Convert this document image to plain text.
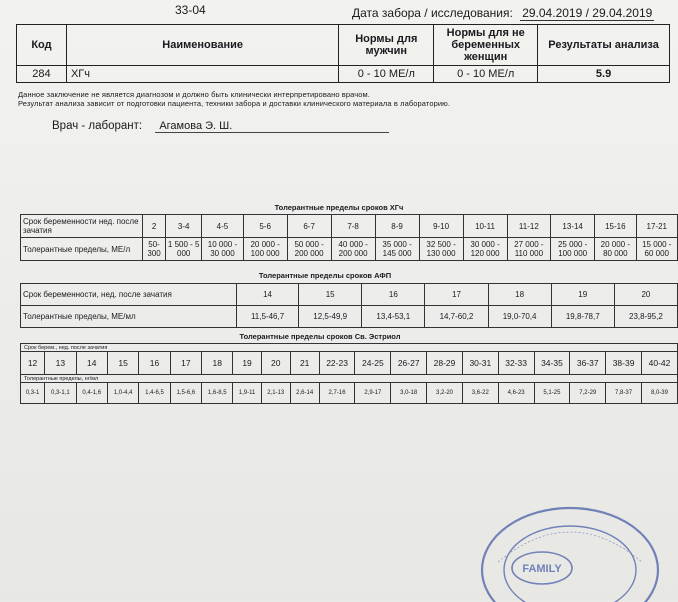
33-04	Дата забора / исследования: 29.04.2019 / 29.04.2019
Код	Наименование	Нормы для мужчин	Нормы для не беременных женщин	Результаты анализа
284	ХГч	0 - 10 МЕ/л	0 - 10 МЕ/л	5.9
Данное заключение не является диагнозом и должно быть клинически интерпретировано врачом.
Результат анализа зависит от подготовки пациента, техники забора и доставки клинического материала в лабораторию.
Врач - лаборант: Агамова Э. Ш.
Толерантные пределы сроков ХГч
Срок беременности нед. после зачатия	2	3-4	4-5	5-6	6-7	7-8	8-9	9-10	10-11	11-12	13-14	15-16	17-21
Толерантные пределы, МЕ/л	50-300	1 500 - 5 000	10 000 - 30 000	20 000 - 100 000	50 000 - 200 000	40 000 - 200 000	35 000 - 145 000	32 500 - 130 000	30 000 - 120 000	27 000 - 110 000	25 000 - 100 000	20 000 - 80 000	15 000 - 60 000
Толерантные пределы сроков АФП
Срок беременности, нед. после зачатия	14	15	16	17	18	19	20
Толерантные пределы, МЕ/мл	11,5-46,7	12,5-49,9	13,4-53,1	14,7-60,2	19,0-70,4	19,8-78,7	23,8-95,2
Толерантные пределы сроков Св. Эстриол
Срок берем., нед. после зачатия																			
12	13	14	15	16	17	18	19	20	21	22-23	24-25	26-27	28-29	30-31	32-33	34-35	36-37	38-39	40-42
Толерантные пределы, нг/мл																			
0,3-1	0,3-1,1	0,4-1,6	1,0-4,4	1,4-6,5	1,5-6,6	1,6-8,5	1,9-11	2,1-13	2,6-14	2,7-16	2,9-17	3,0-18	3,2-20	3,6-22	4,6-23	5,1-25	7,2-29	7,8-37	8,0-39
FAMILY
